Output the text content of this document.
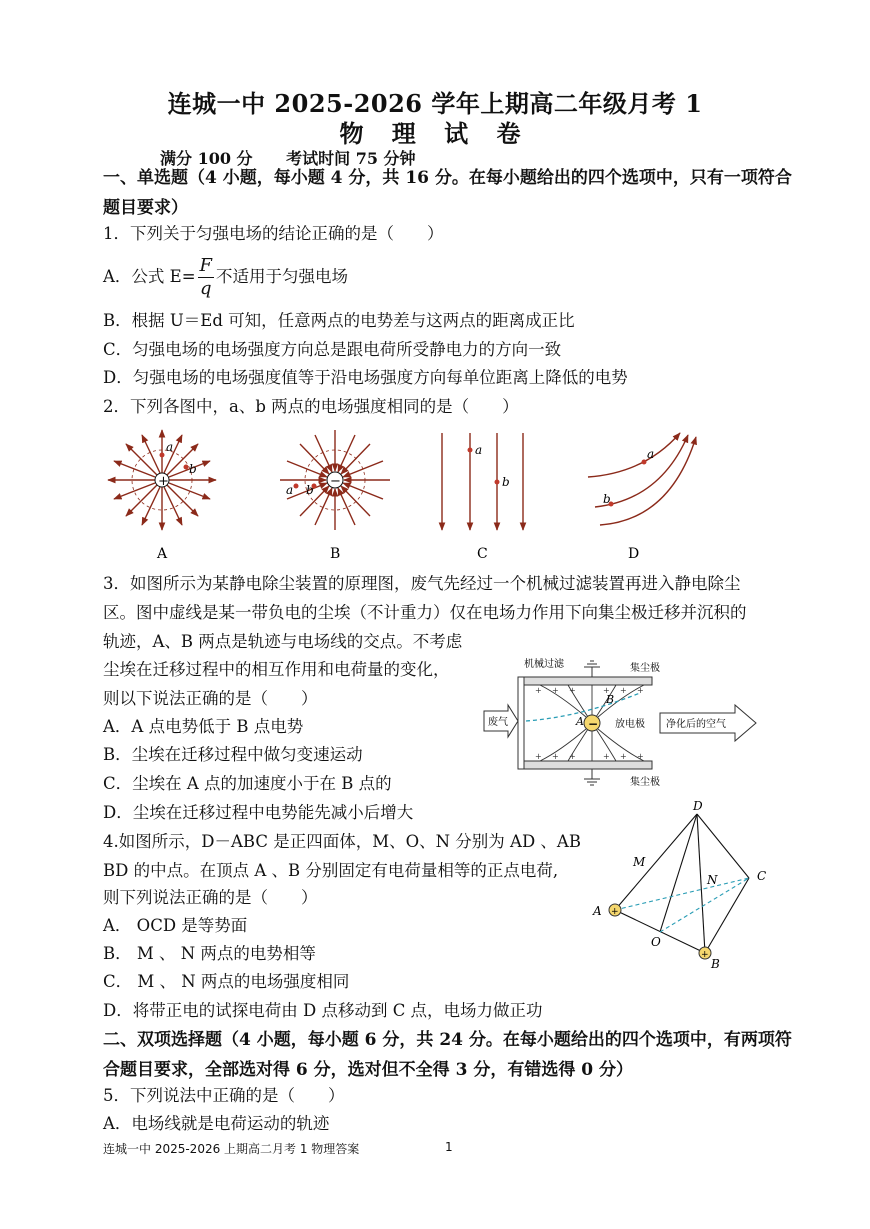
连城一中 2025-2026 学年上期高二年级月考 1
物 理 试 卷
满分 100 分 考试时间 75 分钟
一、单选题（4 小题，每小题 4 分，共 16 分。在每小题给出的四个选项中，只有一项符合
题目要求）
1．下列关于匀强电场的结论正确的是（　　）
A．公式 $E= \frac{F}{q}$ 不适用于匀强电场
B．根据 U＝Ed 可知，任意两点的电势差与这两点的距离成正比
C．匀强电场的电场强度方向总是跟电荷所受静电力的方向一致
D．匀强电场的电场强度值等于沿电场强度方向每单位距离上降低的电势
2．下列各图中，a、b 两点的电场强度相同的是（　　）
+
a
b
−
a b
a
b
a
b
A	B	C	D
3．如图所示为某静电除尘装置的原理图，废气先经过一个机械过滤装置再进入静电除尘
区。图中虚线是某一带负电的尘埃（不计重力）仅在电场力作用下向集尘极迁移并沉积的
轨迹，A、B 两点是轨迹与电场线的交点。不考虑
尘埃在迁移过程中的相互作用和电荷量的变化，
则以下说法正确的是（　　）
A．A 点电势低于 B 点电势
B．尘埃在迁移过程中做匀变速运动
C．尘埃在 A 点的加速度小于在 B 点的
D．尘埃在迁移过程中电势能先减小后增大
+ + +	+ + +
+ + +	+ + +
−
A
B
机械过滤	集尘极
集尘极
放电极
废气	净化后的空气
4.如图所示，D－ABC 是正四面体，M、O、N 分别为 AD 、AB
BD 的中点。在顶点 A 、B 分别固定有电荷量相等的正点电荷,
则下列说法正确的是（　　）
A． OCD 是等势面
B． M 、 N 两点的电势相等
C． M 、 N 两点的电场强度相同
D．将带正电的试探电荷由 D 点移动到 C 点，电场力做正功
+
+
D
M
N	C
A
O
B
二、双项选择题（4 小题，每小题 6 分，共 24 分。在每小题给出的四个选项中，有两项符
合题目要求，全部选对得 6 分，选对但不全得 3 分，有错选得 0 分）
5．下列说法中正确的是（　　）
A．电场线就是电荷运动的轨迹
连城一中 2025-2026 上期高二月考 1 物理答案	1
